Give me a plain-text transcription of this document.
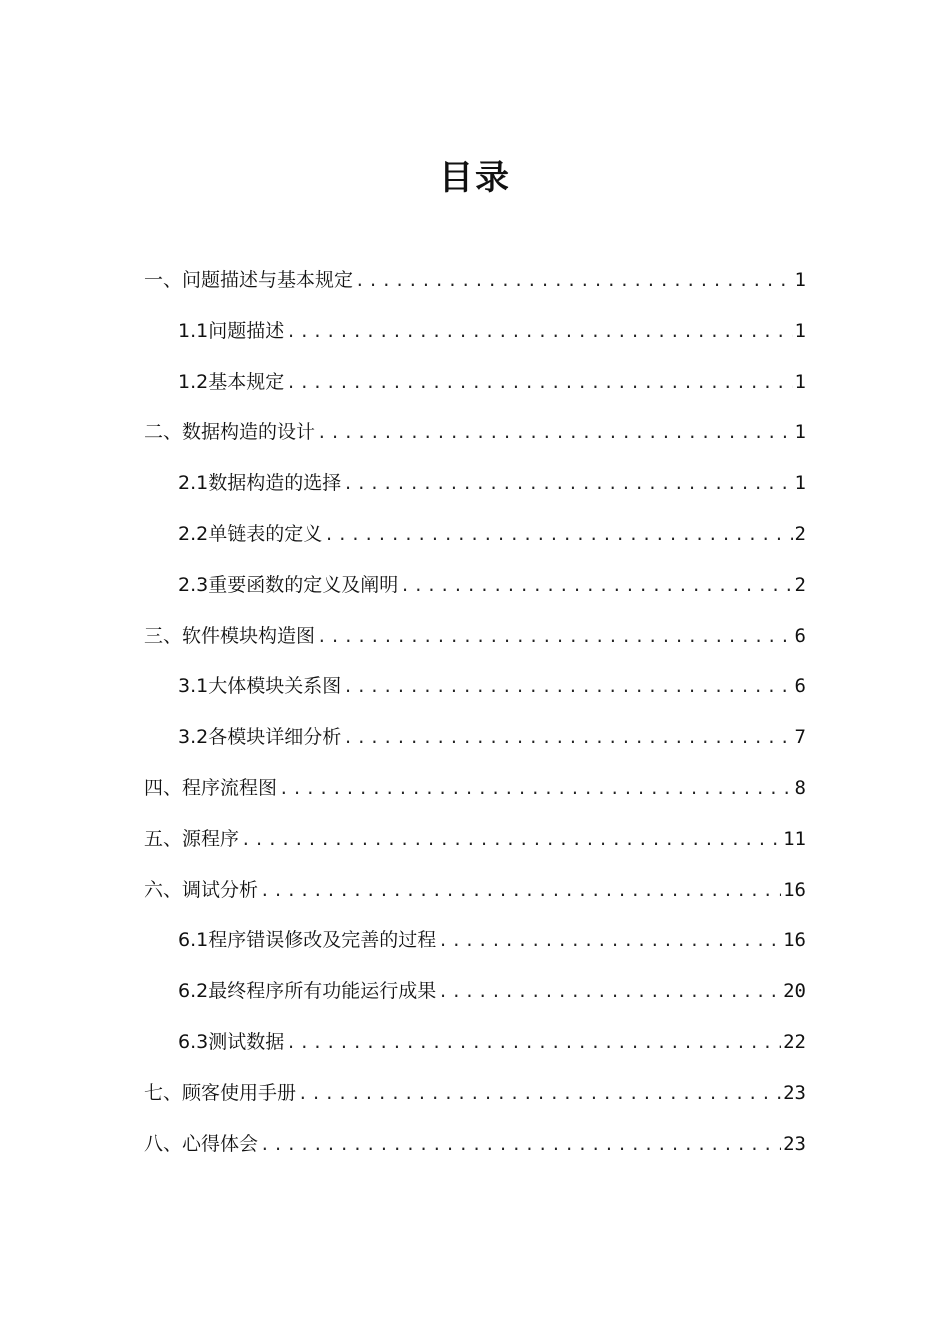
目录
一、问题描述与基本规定 .....	1
1.1问题描述 .....	1
1.2基本规定 .....	1
二、数据构造的设计 .....	1
2.1数据构造的选择 .....	1
2.2单链表的定义 .....	2
2.3重要函数的定义及阐明 .....	2
三、软件模块构造图 .....	6
3.1大体模块关系图 .....	6
3.2各模块详细分析 .....	7
四、程序流程图 .....	8
五、源程序 .....	11
六、调试分析 .....	16
6.1程序错误修改及完善的过程 .....	16
6.2最终程序所有功能运行成果 .....	20
6.3测试数据 .....	22
七、顾客使用手册 .....	23
八、心得体会 .....	23
